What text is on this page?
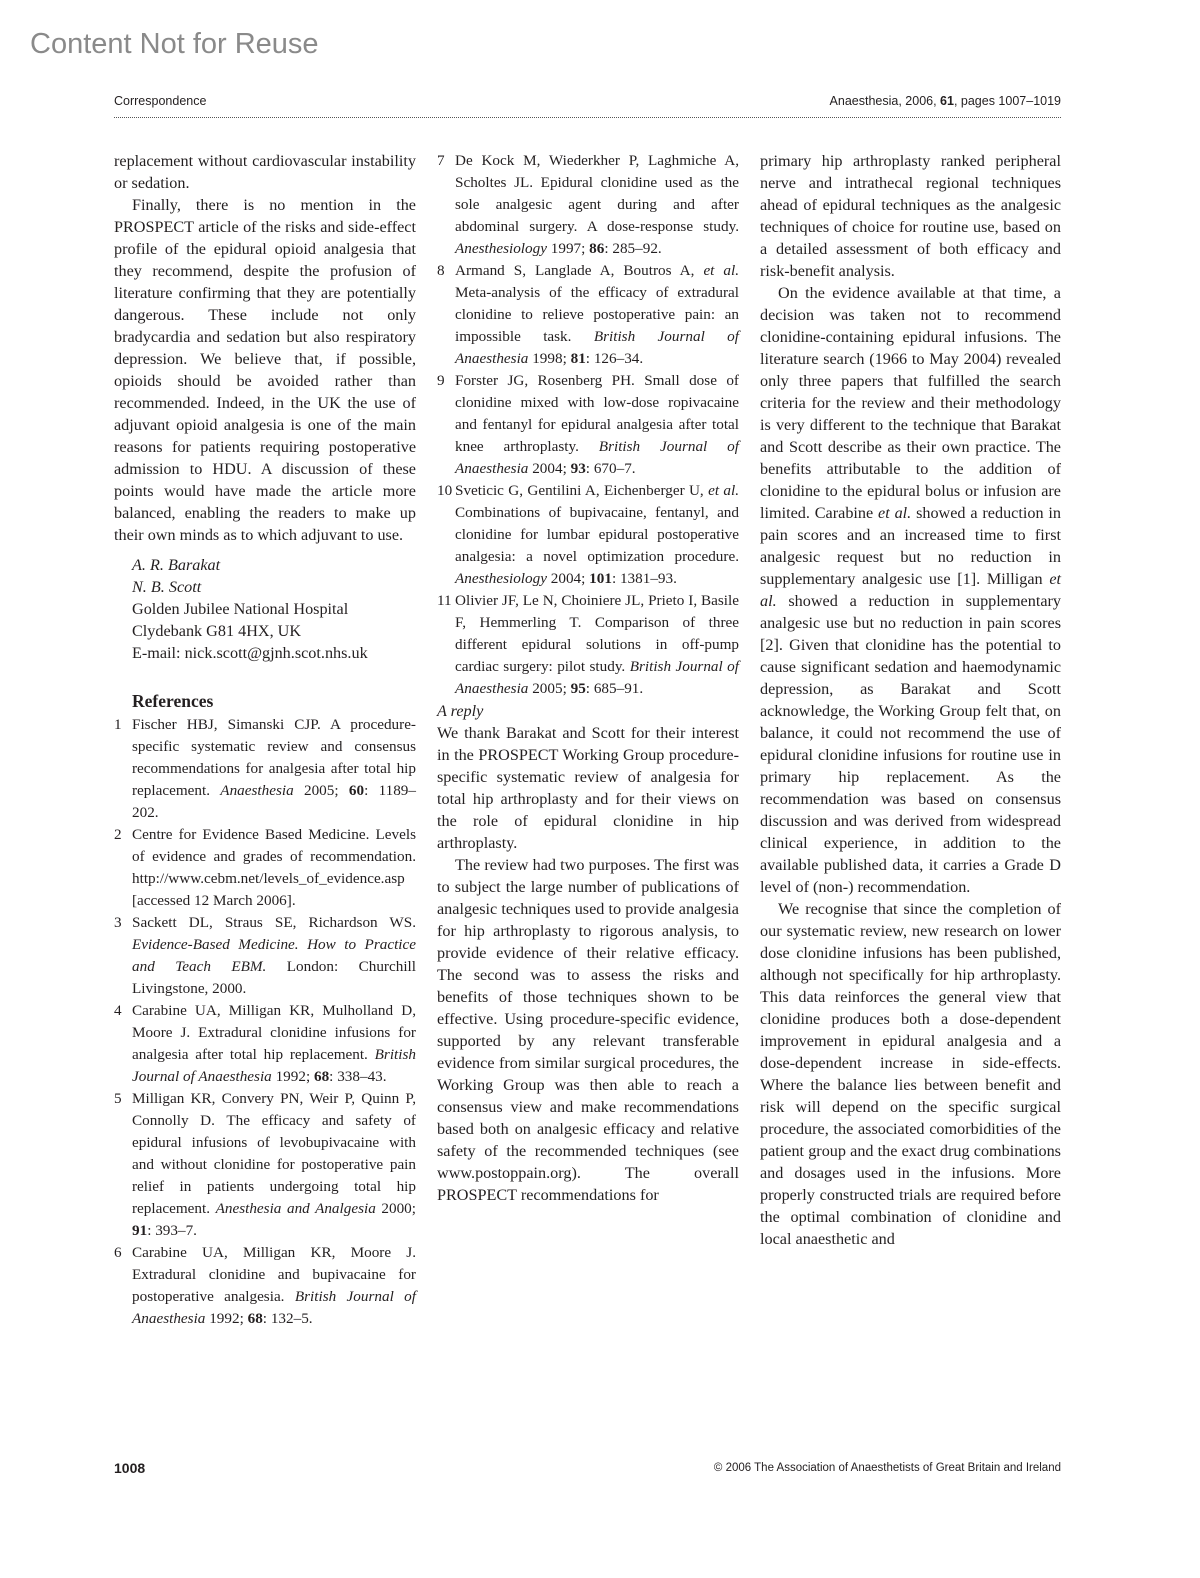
Content Not for Reuse
Correspondence	Anaesthesia, 2006, 61, pages 1007–1019

replacement without cardiovascular instability or sedation.

Finally, there is no mention in the PROSPECT article of the risks and side-effect profile of the epidural opioid analgesia that they recommend, despite the profusion of literature confirming that they are potentially dangerous. These include not only bradycardia and sedation but also respiratory depression. We believe that, if possible, opioids should be avoided rather than recommended. Indeed, in the UK the use of adjuvant opioid analgesia is one of the main reasons for patients requiring postoperative admission to HDU. A discussion of these points would have made the article more balanced, enabling the readers to make up their own minds as to which adjuvant to use.

A. R. Barakat
N. B. Scott
Golden Jubilee National Hospital
Clydebank G81 4HX, UK
E-mail: nick.scott@gjnh.scot.nhs.uk
References

1 Fischer HBJ, Simanski CJP. A procedure-specific systematic review and consensus recommendations for analgesia after total hip replacement. Anaesthesia 2005; 60: 1189–202.

2 Centre for Evidence Based Medicine. Levels of evidence and grades of recommendation. http://www.cebm.net/levels_of_evidence.asp [accessed 12 March 2006].

3 Sackett DL, Straus SE, Richardson WS. Evidence-Based Medicine. How to Practice and Teach EBM. London: Churchill Livingstone, 2000.

4 Carabine UA, Milligan KR, Mulholland D, Moore J. Extradural clonidine infusions for analgesia after total hip replacement. British Journal of Anaesthesia 1992; 68: 338–43.

5 Milligan KR, Convery PN, Weir P, Quinn P, Connolly D. The efficacy and safety of epidural infusions of levobupivacaine with and without clonidine for postoperative pain relief in patients undergoing total hip replacement. Anesthesia and Analgesia 2000; 91: 393–7.

6 Carabine UA, Milligan KR, Moore J. Extradural clonidine and bupivacaine for postoperative analgesia. British Journal of Anaesthesia 1992; 68: 132–5.

7 De Kock M, Wiederkher P, Laghmiche A, Scholtes JL. Epidural clonidine used as the sole analgesic agent during and after abdominal surgery. A dose-response study. Anesthesiology 1997; 86: 285–92.

8 Armand S, Langlade A, Boutros A, et al. Meta-analysis of the efficacy of extradural clonidine to relieve postoperative pain: an impossible task. British Journal of Anaesthesia 1998; 81: 126–34.

9 Forster JG, Rosenberg PH. Small dose of clonidine mixed with low-dose ropivacaine and fentanyl for epidural analgesia after total knee arthroplasty. British Journal of Anaesthesia 2004; 93: 670–7.

10 Sveticic G, Gentilini A, Eichenberger U, et al. Combinations of bupivacaine, fentanyl, and clonidine for lumbar epidural postoperative analgesia: a novel optimization procedure. Anesthesiology 2004; 101: 1381–93.

11 Olivier JF, Le N, Choiniere JL, Prieto I, Basile F, Hemmerling T. Comparison of three different epidural solutions in off-pump cardiac surgery: pilot study. British Journal of Anaesthesia 2005; 95: 685–91.

A reply

We thank Barakat and Scott for their interest in the PROSPECT Working Group procedure-specific systematic review of analgesia for total hip arthroplasty and for their views on the role of epidural clonidine in hip arthroplasty.

The review had two purposes. The first was to subject the large number of publications of analgesic techniques used to provide analgesia for hip arthroplasty to rigorous analysis, to provide evidence of their relative efficacy. The second was to assess the risks and benefits of those techniques shown to be effective. Using procedure-specific evidence, supported by any relevant transferable evidence from similar surgical procedures, the Working Group was then able to reach a consensus view and make recommendations based both on analgesic efficacy and relative safety of the recommended techniques (see www.postoppain.org). The overall PROSPECT recommendations for

primary hip arthroplasty ranked peripheral nerve and intrathecal regional techniques ahead of epidural techniques as the analgesic techniques of choice for routine use, based on a detailed assessment of both efficacy and risk-benefit analysis.

On the evidence available at that time, a decision was taken not to recommend clonidine-containing epidural infusions. The literature search (1966 to May 2004) revealed only three papers that fulfilled the search criteria for the review and their methodology is very different to the technique that Barakat and Scott describe as their own practice. The benefits attributable to the addition of clonidine to the epidural bolus or infusion are limited. Carabine et al. showed a reduction in pain scores and an increased time to first analgesic request but no reduction in supplementary analgesic use [1]. Milligan et al. showed a reduction in supplementary analgesic use but no reduction in pain scores [2]. Given that clonidine has the potential to cause significant sedation and haemodynamic depression, as Barakat and Scott acknowledge, the Working Group felt that, on balance, it could not recommend the use of epidural clonidine infusions for routine use in primary hip replacement. As the recommendation was based on consensus discussion and was derived from widespread clinical experience, in addition to the available published data, it carries a Grade D level of (non-) recommendation.

We recognise that since the completion of our systematic review, new research on lower dose clonidine infusions has been published, although not specifically for hip arthroplasty. This data reinforces the general view that clonidine produces both a dose-dependent improvement in epidural analgesia and a dose-dependent increase in side-effects. Where the balance lies between benefit and risk will depend on the specific surgical procedure, the associated comorbidities of the patient group and the exact drug combinations and dosages used in the infusions. More properly constructed trials are required before the optimal combination of clonidine and local anaesthetic and

1008	© 2006 The Association of Anaesthetists of Great Britain and Ireland
